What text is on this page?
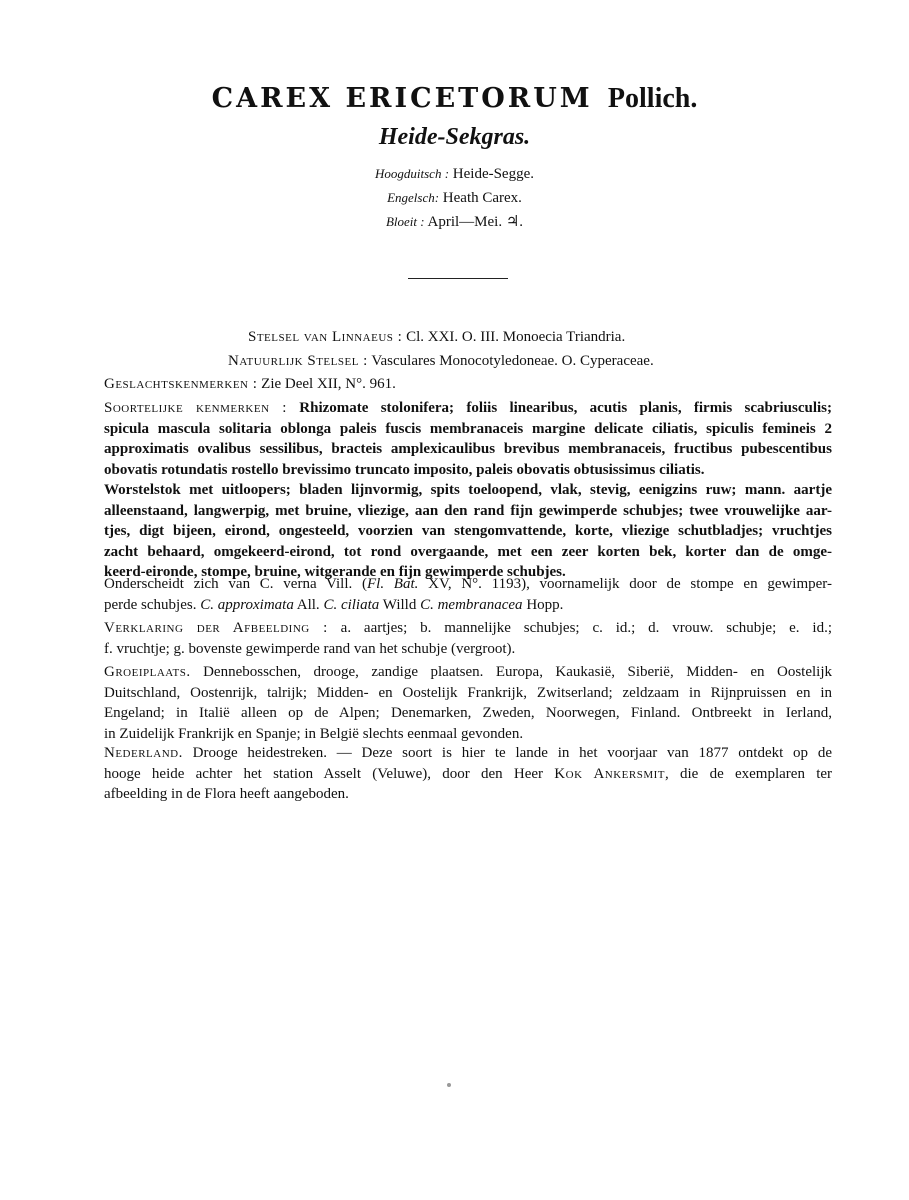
CAREX ERICETORUM Pollich.
Heide-Sekgras.
Hoogduitsch : Heide-Segge.
Engelsch: Heath Carex.
Bloeit : April—Mei. ♃.
Stelsel van Linnaeus : Cl. XXI. O. III. Monoecia Triandria.
Natuurlijk Stelsel : Vasculares Monocotyledoneae. O. Cyperaceae.
Geslachtskenmerken : Zie Deel XII, N°. 961.
Soortelijke kenmerken : Rhizomate stolonifera; foliis linearibus, acutis planis, firmis scabriusculis;
spicula mascula solitaria oblonga paleis fuscis membranaceis margine delicate ciliatis, spiculis femineis 2
approximatis ovalibus sessilibus, bracteis amplexicaulibus brevibus membranaceis, fructibus pubescentibus
obovatis rotundatis rostello brevissimo truncato imposito, paleis obovatis obtusissimus ciliatis.
Worstelstok met uitloopers; bladen lijnvormig, spits toeloopend, vlak, stevig, eenigzins ruw; mann. aartje
alleenstaand, langwerpig, met bruine, vliezige, aan den rand fijn gewimperde schubjes; twee vrouwelijke aar-
tjes, digt bijeen, eirond, ongesteeld, voorzien van stengomvattende, korte, vliezige schutbladjes; vruchtjes
zacht behaard, omgekeerd-eirond, tot rond overgaande, met een zeer korten bek, korter dan de omge-
keerd-eironde, stompe, bruine, witgerande en fijn gewimperde schubjes.
Onderscheidt zich van C. verna Vill. (Fl. Bat. XV, N°. 1193), voornamelijk door de stompe en gewimper-
perde schubjes. C. approximata All. C. ciliata Willd C. membranacea Hopp.
Verklaring der Afbeelding : a. aartjes; b. mannelijke schubjes; c. id.; d. vrouw. schubje; e. id.;
f. vruchtje; g. bovenste gewimperde rand van het schubje (vergroot).
Groeiplaats. Dennebosschen, drooge, zandige plaatsen. Europa, Kaukasië, Siberië, Midden- en Oostelijk
Duitschland, Oostenrijk, talrijk; Midden- en Oostelijk Frankrijk, Zwitserland; zeldzaam in Rijnpruissen en in
Engeland; in Italië alleen op de Alpen; Denemarken, Zweden, Noorwegen, Finland. Ontbreekt in Ierland,
in Zuidelijk Frankrijk en Spanje; in België slechts eenmaal gevonden.
Nederland. Drooge heidestreken. — Deze soort is hier te lande in het voorjaar van 1877 ontdekt op de
hooge heide achter het station Asselt (Veluwe), door den Heer Kok Ankersmit, die de exemplaren ter
afbeelding in de Flora heeft aangeboden.
